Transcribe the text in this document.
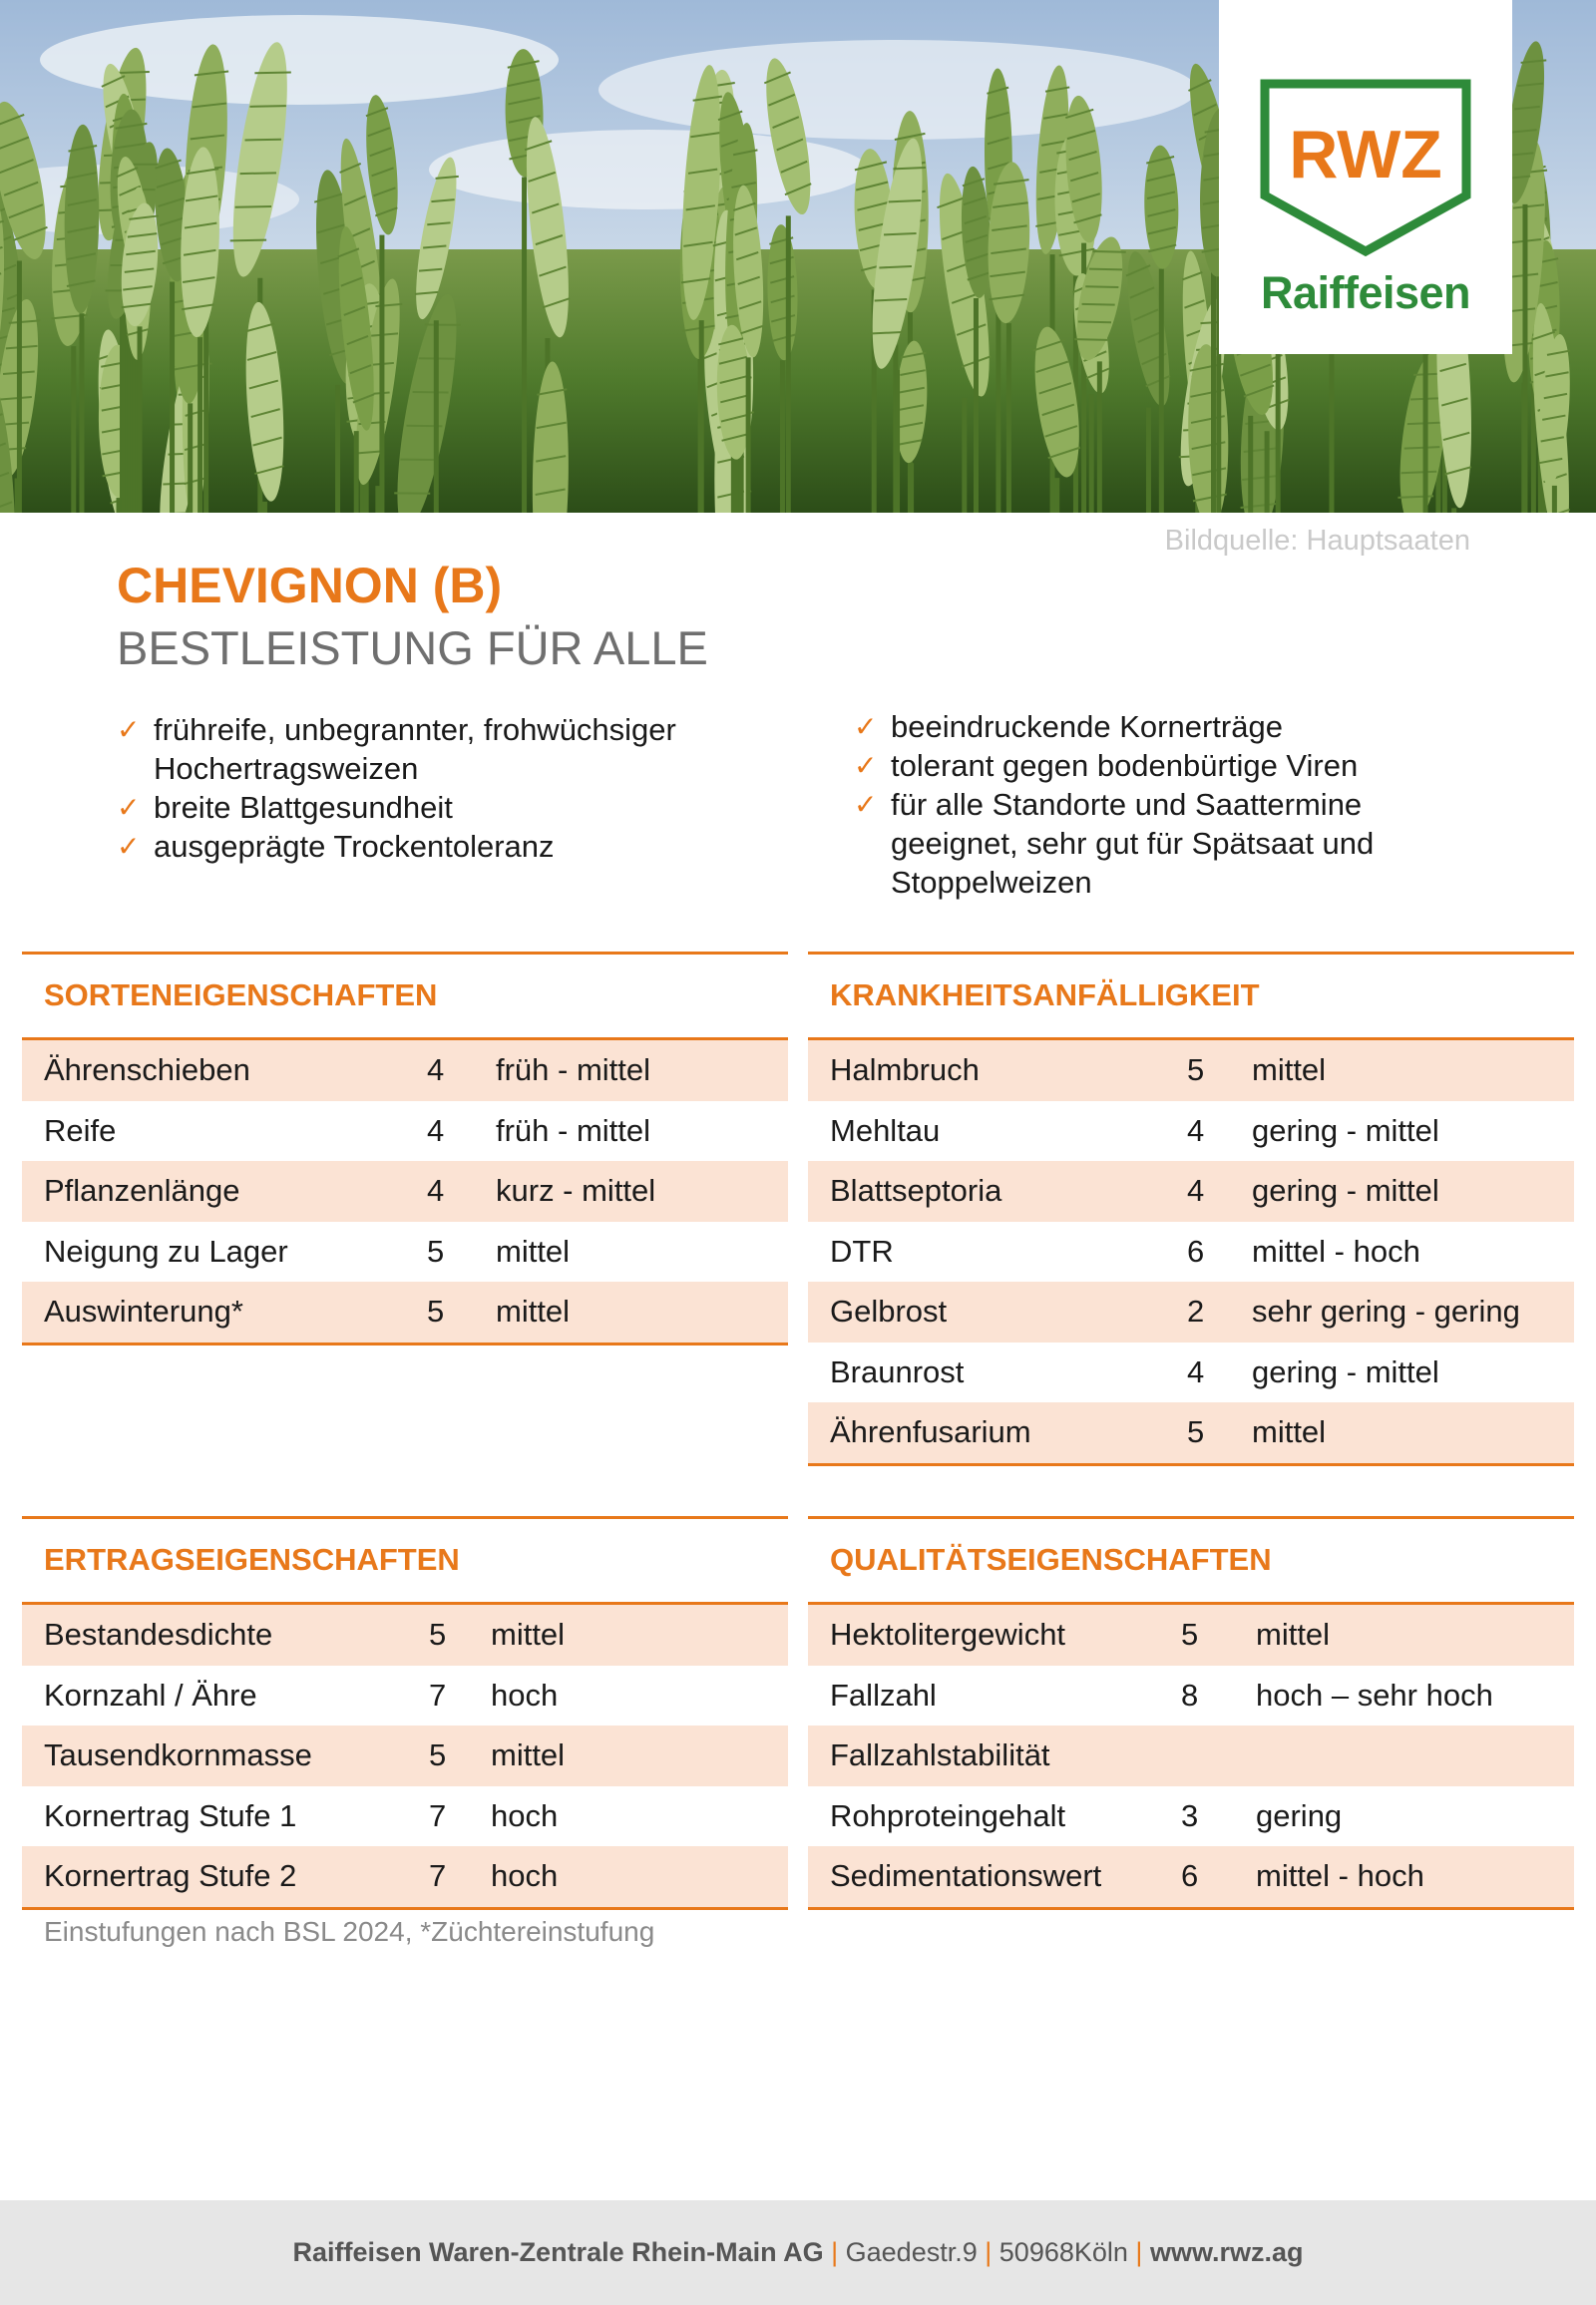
RWZ
Raiffeisen
Bildquelle: Hauptsaaten
CHEVIGNON (B)
BESTLEISTUNG FÜR ALLE
✓ frühreife, unbegrannter, frohwüchsiger
Hochertragsweizen
✓ breite Blattgesundheit
✓ ausgeprägte Trockentoleranz
✓ beeindruckende Kornerträge
✓ tolerant gegen bodenbürtige Viren
✓ für alle Standorte und Saattermine
geeignet, sehr gut für Spätsaat und
Stoppelweizen
SORTENEIGENSCHAFTEN
Ährenschieben	4 früh - mittel
Reife	4 früh - mittel
Pflanzenlänge	4 kurz - mittel
Neigung zu Lager	5 mittel
Auswinterung*	5 mittel
KRANKHEITSANFÄLLIGKEIT
Halmbruch	5 mittel
Mehltau	4 gering - mittel
Blattseptoria	4 gering - mittel
DTR	6 mittel - hoch
Gelbrost	2 sehr gering - gering
Braunrost	4 gering - mittel
Ährenfusarium	5 mittel
ERTRAGSEIGENSCHAFTEN
Bestandesdichte	5 mittel
Kornzahl / Ähre	7 hoch
Tausendkornmasse	5 mittel
Kornertrag Stufe 1	7 hoch
Kornertrag Stufe 2	7 hoch
QUALITÄTSEIGENSCHAFTEN
Hektolitergewicht	5 mittel
Fallzahl	8 hoch – sehr hoch
Fallzahlstabilität
Rohproteingehalt	3 gering
Sedimentationswert	6 mittel - hoch
Einstufungen nach BSL 2024, *Züchtereinstufung
Raiffeisen Waren-Zentrale Rhein-Main AG | Gaedestr.9 | 50968Köln | www.rwz.ag
